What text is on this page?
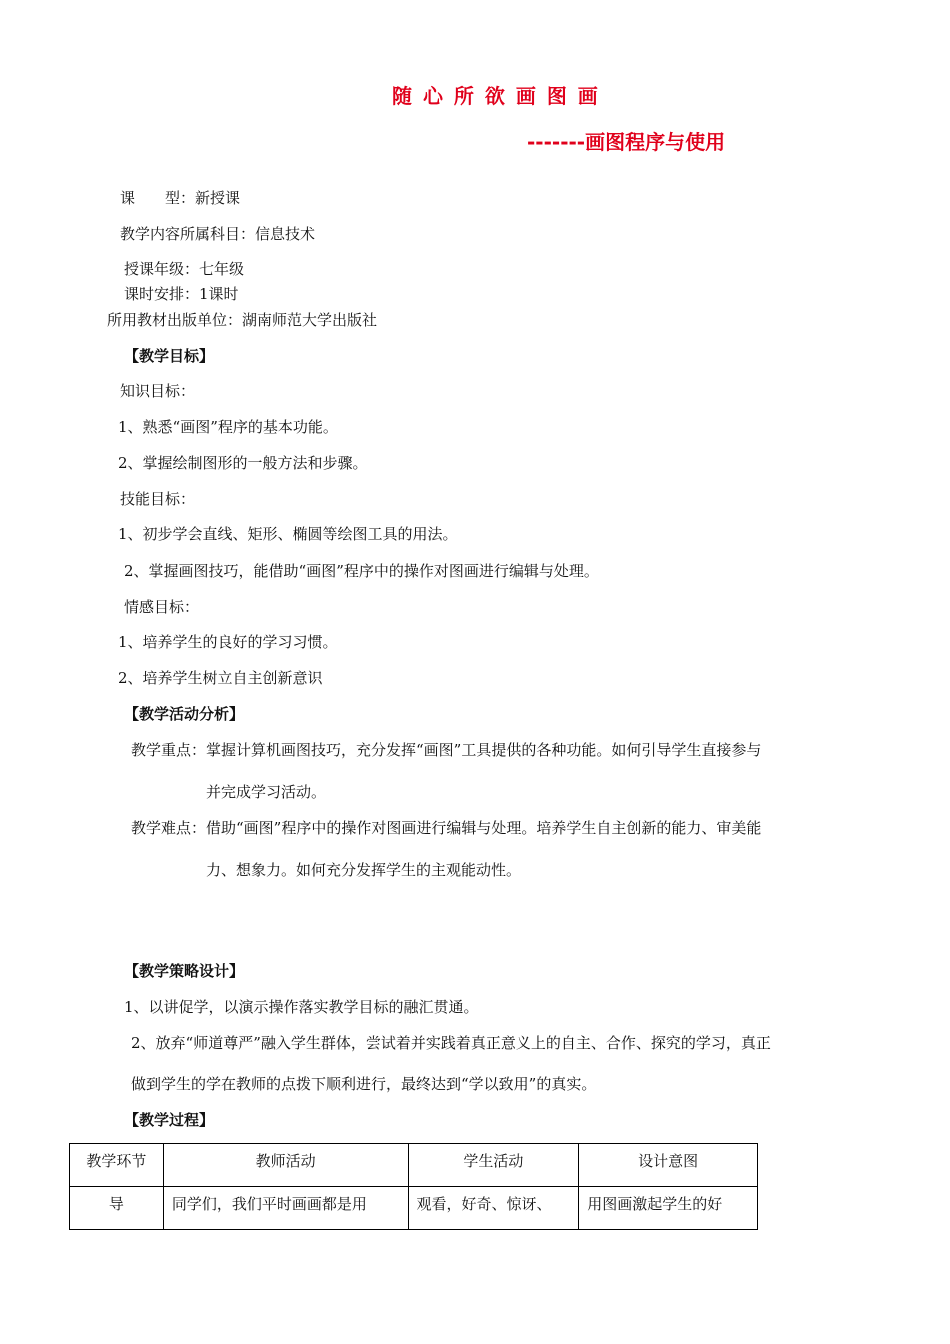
随 心 所 欲 画 图 画
-------画图程序与使用
课　　型：新授课
教学内容所属科目：信息技术
授课年级：七年级
课时安排：1课时
所用教材出版单位：湖南师范大学出版社
【教学目标】
知识目标：
1、熟悉“画图”程序的基本功能。
2、掌握绘制图形的一般方法和步骤。
技能目标：
1、初步学会直线、矩形、椭圆等绘图工具的用法。
2、掌握画图技巧，能借助“画图”程序中的操作对图画进行编辑与处理。
情感目标：
1、培养学生的良好的学习习惯。
2、培养学生树立自主创新意识
【教学活动分析】
教学重点：掌握计算机画图技巧，充分发挥“画图”工具提供的各种功能。如何引导学生直接参与
并完成学习活动。
教学难点：借助“画图”程序中的操作对图画进行编辑与处理。培养学生自主创新的能力、审美能
力、想象力。如何充分发挥学生的主观能动性。
【教学策略设计】
1、以讲促学，以演示操作落实教学目标的融汇贯通。
2、放弃“师道尊严”融入学生群体，尝试着并实践着真正意义上的自主、合作、探究的学习，真正
做到学生的学在教师的点拨下顺利进行，最终达到“学以致用”的真实。
【教学过程】
教学环节	教师活动	学生活动	设计意图
导	同学们，我们平时画画都是用	观看，好奇、惊讶、	用图画激起学生的好
